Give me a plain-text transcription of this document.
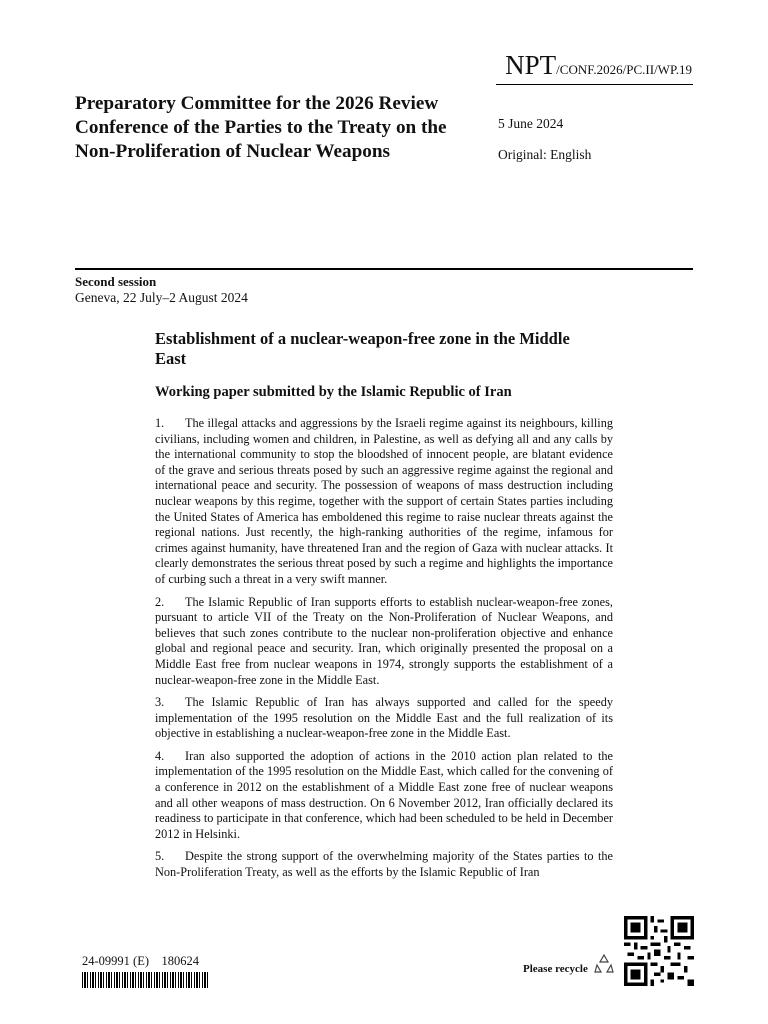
NPT/CONF.2026/PC.II/WP.19
Preparatory Committee for the 2026 Review Conference of the Parties to the Treaty on the Non-Proliferation of Nuclear Weapons
5 June 2024
Original: English
Second session
Geneva, 22 July–2 August 2024
Establishment of a nuclear-weapon-free zone in the Middle East
Working paper submitted by the Islamic Republic of Iran

1. The illegal attacks and aggressions by the Israeli regime against its neighbours, killing civilians, including women and children, in Palestine, as well as defying all and any calls by the international community to stop the bloodshed of innocent people, are blatant evidence of the grave and serious threats posed by such an aggressive regime against the regional and international peace and security. The possession of weapons of mass destruction including nuclear weapons by this regime, together with the support of certain States parties including the United States of America has emboldened this regime to raise nuclear threats against the regional nations. Just recently, the high-ranking authorities of the regime, infamous for crimes against humanity, have threatened Iran and the region of Gaza with nuclear attacks. It clearly demonstrates the serious threat posed by such a regime and highlights the importance of curbing such a threat in a very swift manner.

2. The Islamic Republic of Iran supports efforts to establish nuclear-weapon-free zones, pursuant to article VII of the Treaty on the Non-Proliferation of Nuclear Weapons, and believes that such zones contribute to the nuclear non-proliferation objective and enhance global and regional peace and security. Iran, which originally presented the proposal on a Middle East free from nuclear weapons in 1974, strongly supports the establishment of a nuclear-weapon-free zone in the Middle East.

3. The Islamic Republic of Iran has always supported and called for the speedy implementation of the 1995 resolution on the Middle East and the full realization of its objective in establishing a nuclear-weapon-free zone in the Middle East.

4. Iran also supported the adoption of actions in the 2010 action plan related to the implementation of the 1995 resolution on the Middle East, which called for the convening of a conference in 2012 on the establishment of a Middle East zone free of nuclear weapons and all other weapons of mass destruction. On 6 November 2012, Iran officially declared its readiness to participate in that conference, which had been scheduled to be held in December 2012 in Helsinki.

5. Despite the strong support of the overwhelming majority of the States parties to the Non-Proliferation Treaty, as well as the efforts by the Islamic Republic of Iran

24-09991 (E) 180624
Please recycle
